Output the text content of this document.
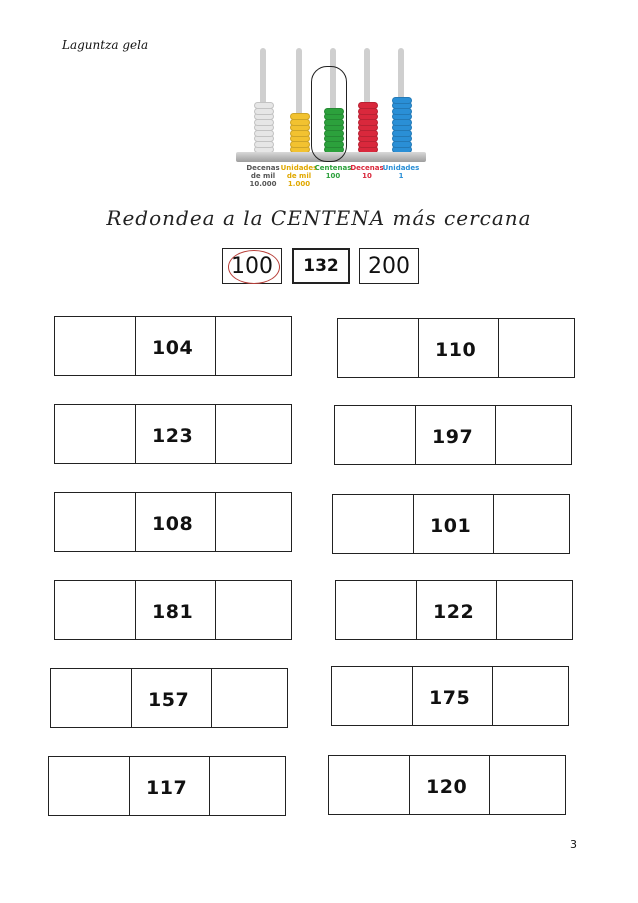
Laguntza gela
Decenas de mil 10.000
Unidades de mil 1.000
Centenas 100
Decenas 10
Unidades 1
Redondea a la CENTENA más cercana
100	132	200
104
123
108
181
157
117
110
197
101
122
175
120
3
